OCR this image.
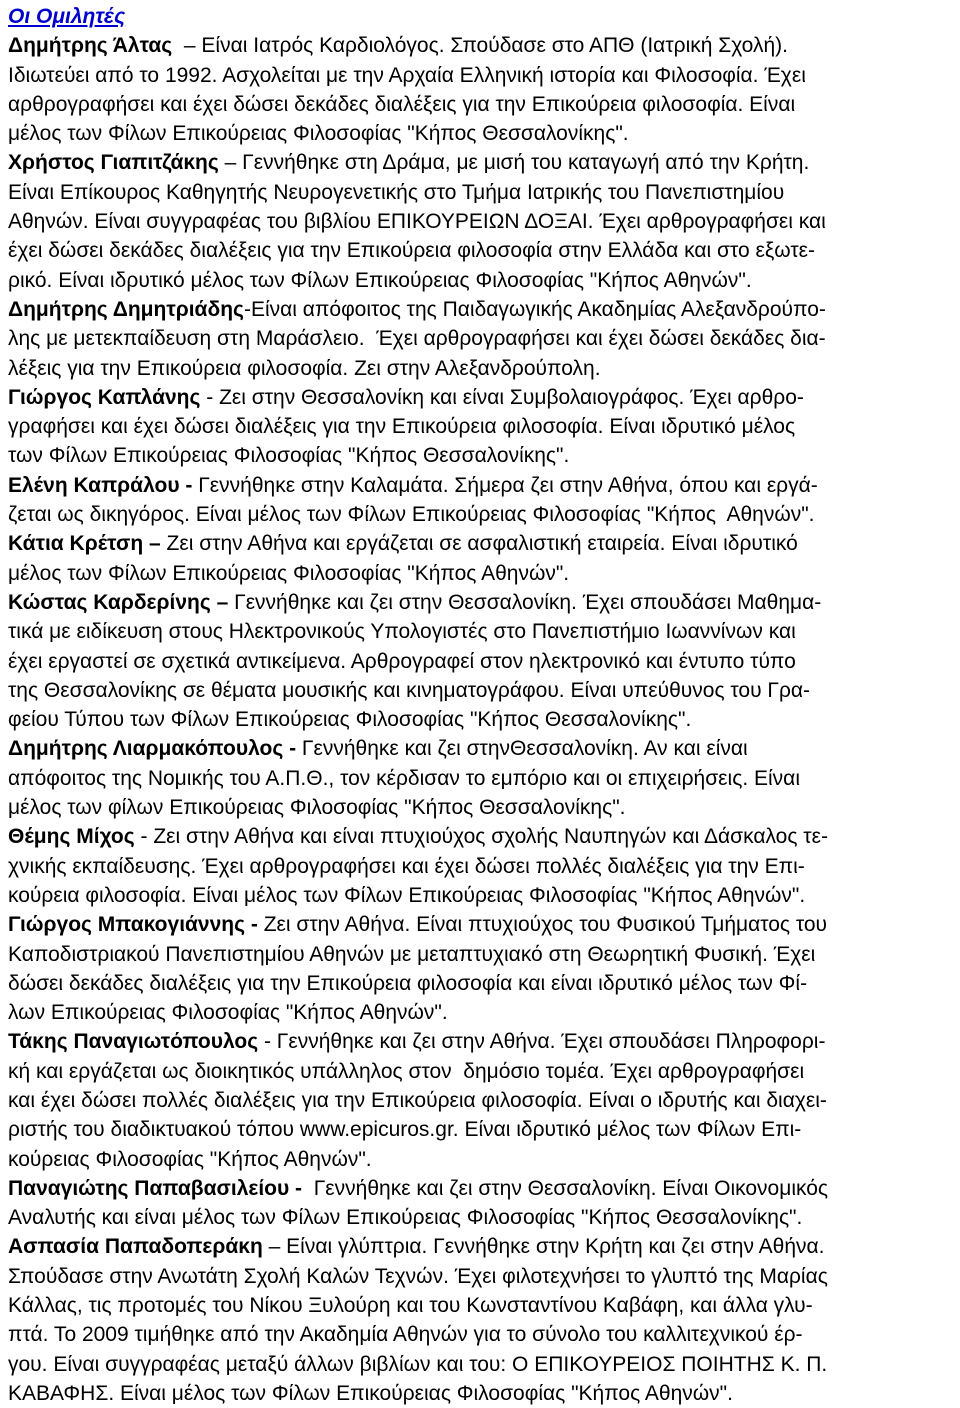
Οι Ομιλητές
Δημήτρης Άλτας  – Είναι Ιατρός Καρδιολόγος. Σπούδασε στο ΑΠΘ (Ιατρική Σχολή).
Ιδιωτεύει από το 1992. Ασχολείται με την Αρχαία Ελληνική ιστορία και Φιλοσοφία. Έχει
αρθρογραφήσει και έχει δώσει δεκάδες διαλέξεις για την Επικούρεια φιλοσοφία. Είναι
μέλος των Φίλων Επικούρειας Φιλοσοφίας "Κήπος Θεσσαλονίκης".
Χρήστος Γιαπιτζάκης – Γεννήθηκε στη Δράμα, με μισή του καταγωγή από την Κρήτη.
Είναι Επίκουρος Καθηγητής Νευρογενετικής στο Τμήμα Ιατρικής του Πανεπιστημίου
Αθηνών. Είναι συγγραφέας του βιβλίου ΕΠΙΚΟΥΡΕΙΩΝ ΔΟΞΑΙ. Έχει αρθρογραφήσει και
έχει δώσει δεκάδες διαλέξεις για την Επικούρεια φιλοσοφία στην Ελλάδα και στο εξωτε-
ρικό. Είναι ιδρυτικό μέλος των Φίλων Επικούρειας Φιλοσοφίας "Κήπος Αθηνών".
Δημήτρης Δημητριάδης-Είναι απόφοιτος της Παιδαγωγικής Ακαδημίας Αλεξανδρούπο-
λης με μετεκπαίδευση στη Μαράσλειο.  Έχει αρθρογραφήσει και έχει δώσει δεκάδες δια-
λέξεις για την Επικούρεια φιλοσοφία. Ζει στην Αλεξανδρούπολη.
Γιώργος Καπλάνης - Ζει στην Θεσσαλονίκη και είναι Συμβολαιογράφος. Έχει αρθρο-
γραφήσει και έχει δώσει διαλέξεις για την Επικούρεια φιλοσοφία. Είναι ιδρυτικό μέλος
των Φίλων Επικούρειας Φιλοσοφίας "Κήπος Θεσσαλονίκης".
Ελένη Καπράλου - Γεννήθηκε στην Καλαμάτα. Σήμερα ζει στην Αθήνα, όπου και εργά-
ζεται ως δικηγόρος. Είναι μέλος των Φίλων Επικούρειας Φιλοσοφίας "Κήπος  Αθηνών".
Κάτια Κρέτση – Ζει στην Αθήνα και εργάζεται σε ασφαλιστική εταιρεία. Είναι ιδρυτικό
μέλος των Φίλων Επικούρειας Φιλοσοφίας "Κήπος Αθηνών".
Κώστας Καρδερίνης – Γεννήθηκε και ζει στην Θεσσαλονίκη. Έχει σπουδάσει Μαθημα-
τικά με ειδίκευση στους Ηλεκτρονικούς Υπολογιστές στο Πανεπιστήμιο Ιωαννίνων και
έχει εργαστεί σε σχετικά αντικείμενα. Αρθρογραφεί στον ηλεκτρονικό και έντυπο τύπο
της Θεσσαλονίκης σε θέματα μουσικής και κινηματογράφου. Είναι υπεύθυνος του Γρα-
φείου Τύπου των Φίλων Επικούρειας Φιλοσοφίας "Κήπος Θεσσαλονίκης".
Δημήτρης Λιαρμακόπουλος - Γεννήθηκε και ζει στηνΘεσσαλονίκη. Αν και είναι
απόφοιτος της Νομικής του Α.Π.Θ., τον κέρδισαν το εμπόριο και οι επιχειρήσεις. Είναι
μέλος των φίλων Επικούρειας Φιλοσοφίας "Κήπος Θεσσαλονίκης".
Θέμης Μίχος - Ζει στην Αθήνα και είναι πτυχιούχος σχολής Ναυπηγών και Δάσκαλος τε-
χνικής εκπαίδευσης. Έχει αρθρογραφήσει και έχει δώσει πολλές διαλέξεις για την Επι-
κούρεια φιλοσοφία. Είναι μέλος των Φίλων Επικούρειας Φιλοσοφίας "Κήπος Αθηνών".
Γιώργος Μπακογιάννης - Ζει στην Αθήνα. Είναι πτυχιούχος του Φυσικού Τμήματος του
Καποδιστριακού Πανεπιστημίου Αθηνών με μεταπτυχιακό στη Θεωρητική Φυσική. Έχει
δώσει δεκάδες διαλέξεις για την Επικούρεια φιλοσοφία και είναι ιδρυτικό μέλος των Φί-
λων Επικούρειας Φιλοσοφίας "Κήπος Αθηνών".
Τάκης Παναγιωτόπουλος - Γεννήθηκε και ζει στην Αθήνα. Έχει σπουδάσει Πληροφορι-
κή και εργάζεται ως διοικητικός υπάλληλος στον  δημόσιο τομέα. Έχει αρθρογραφήσει
και έχει δώσει πολλές διαλέξεις για την Επικούρεια φιλοσοφία. Είναι ο ιδρυτής και διαχει-
ριστής του διαδικτυακού τόπου www.epicuros.gr. Είναι ιδρυτικό μέλος των Φίλων Επι-
κούρειας Φιλοσοφίας "Κήπος Αθηνών".
Παναγιώτης Παπαβασιλείου -  Γεννήθηκε και ζει στην Θεσσαλονίκη. Είναι Οικονομικός
Αναλυτής και είναι μέλος των Φίλων Επικούρειας Φιλοσοφίας "Κήπος Θεσσαλονίκης".
Ασπασία Παπαδοπεράκη – Είναι γλύπτρια. Γεννήθηκε στην Κρήτη και ζει στην Αθήνα.
Σπούδασε στην Ανωτάτη Σχολή Καλών Τεχνών. Έχει φιλοτεχνήσει το γλυπτό της Μαρίας
Κάλλας, τις προτομές του Νίκου Ξυλούρη και του Κωνσταντίνου Καβάφη, και άλλα γλυ-
πτά. Το 2009 τιμήθηκε από την Ακαδημία Αθηνών για το σύνολο του καλλιτεχνικού έρ-
γου. Είναι συγγραφέας μεταξύ άλλων βιβλίων και του: Ο ΕΠΙΚΟΥΡΕΙΟΣ ΠΟΙΗΤΗΣ Κ. Π.
ΚΑΒΑΦΗΣ. Είναι μέλος των Φίλων Επικούρειας Φιλοσοφίας "Κήπος Αθηνών".
